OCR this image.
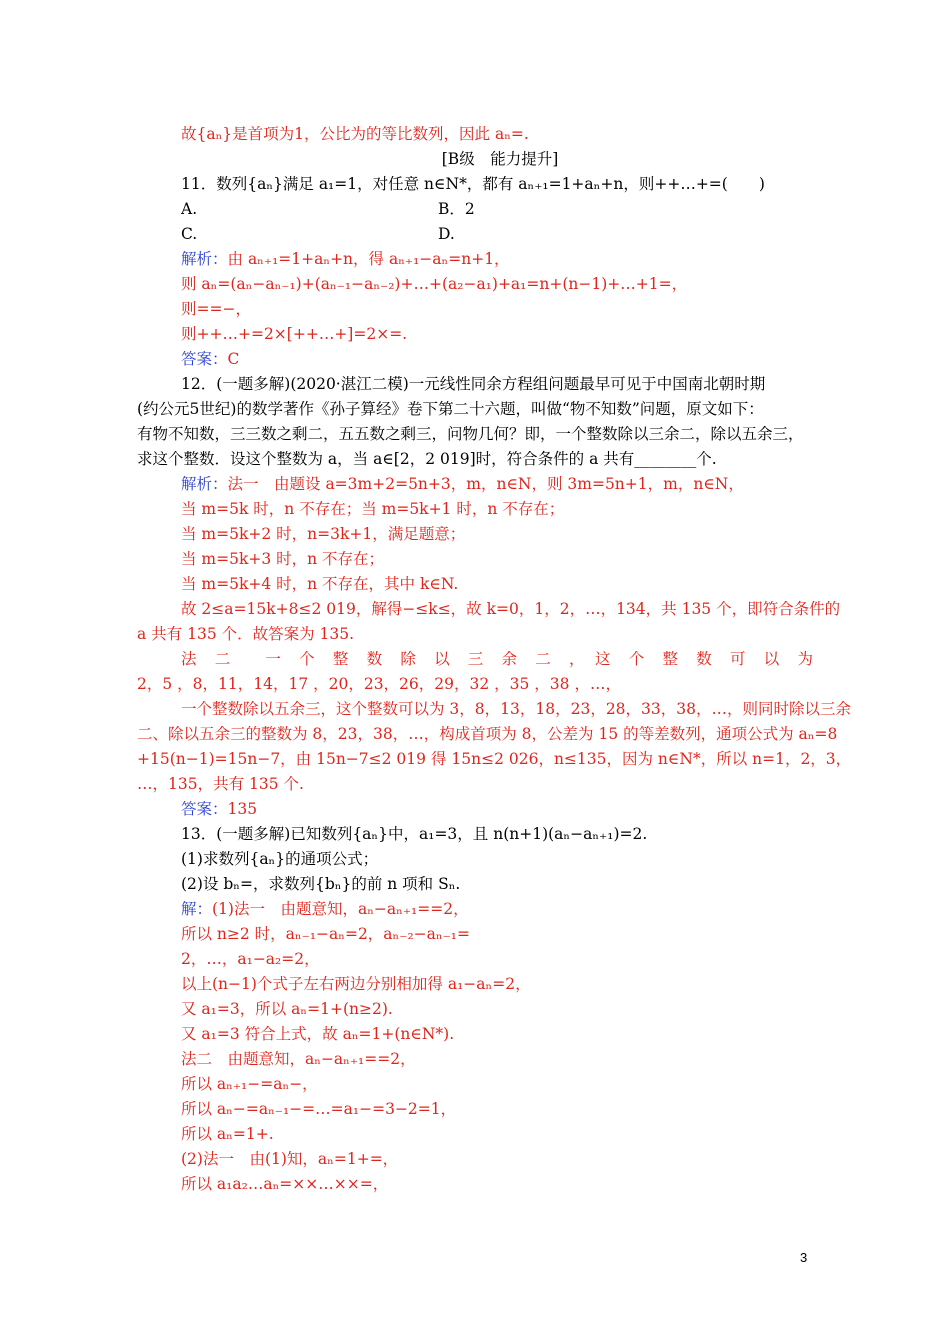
故{aₙ}是首项为1，公比为的等比数列，因此 aₙ=.
[B级　能力提升]
11．数列{aₙ}满足 a₁=1，对任意 n∈N*，都有 aₙ₊₁=1+aₙ+n，则++…+=(　　)
A.	B．2
C.	D.
解析：由 aₙ₊₁=1+aₙ+n，得 aₙ₊₁−aₙ=n+1，
则 aₙ=(aₙ−aₙ₋₁)+(aₙ₋₁−aₙ₋₂)+…+(a₂−a₁)+a₁=n+(n−1)+…+1=，
则==−，
则++…+=2×[++…+]=2×=.
答案：C
12．(一题多解)(2020·湛江二模)一元线性同余方程组问题最早可见于中国南北朝时期
(约公元5世纪)的数学著作《孙子算经》卷下第二十六题，叫做“物不知数”问题，原文如下：
有物不知数，三三数之剩二，五五数之剩三，问物几何？即，一个整数除以三余二，除以五余三，
求这个整数．设这个整数为 a，当 a∈[2，2 019]时，符合条件的 a 共有________个.
解析：法一　由题设 a=3m+2=5n+3，m，n∈N，则 3m=5n+1，m，n∈N，
当 m=5k 时，n 不存在；当 m=5k+1 时，n 不存在；
当 m=5k+2 时，n=3k+1，满足题意；
当 m=5k+3 时，n 不存在；
当 m=5k+4 时，n 不存在，其中 k∈N.
故 2≤a=15k+8≤2 019，解得−≤k≤，故 k=0，1，2，…，134，共 135 个，即符合条件的
a 共有 135 个．故答案为 135.
法　二　　一　个　整　数　除　以　三　余　二　，　这　个　整　数　可　以　为
2，5 ，8，11，14，17 ，20，23，26，29，32 ，35 ，38 ，…，
一个整数除以五余三，这个整数可以为 3，8，13，18，23，28，33，38，…，则同时除以三余
二、除以五余三的整数为 8，23，38，…，构成首项为 8，公差为 15 的等差数列，通项公式为 aₙ=8
+15(n−1)=15n−7，由 15n−7≤2 019 得 15n≤2 026，n≤135，因为 n∈N*，所以 n=1，2，3，
…，135，共有 135 个.
答案：135
13．(一题多解)已知数列{aₙ}中，a₁=3，且 n(n+1)(aₙ−aₙ₊₁)=2.
(1)求数列{aₙ}的通项公式；
(2)设 bₙ=，求数列{bₙ}的前 n 项和 Sₙ.
解：(1)法一　由题意知，aₙ−aₙ₊₁==2，
所以 n≥2 时，aₙ₋₁−aₙ=2，aₙ₋₂−aₙ₋₁=
2，…，a₁−a₂=2，
以上(n−1)个式子左右两边分别相加得 a₁−aₙ=2，
又 a₁=3，所以 aₙ=1+(n≥2).
又 a₁=3 符合上式，故 aₙ=1+(n∈N*).
法二　由题意知，aₙ−aₙ₊₁==2，
所以 aₙ₊₁−=aₙ−，
所以 aₙ−=aₙ₋₁−=…=a₁−=3−2=1，
所以 aₙ=1+.
(2)法一　由(1)知，aₙ=1+=，
所以 a₁a₂…aₙ=××…××=，
3
